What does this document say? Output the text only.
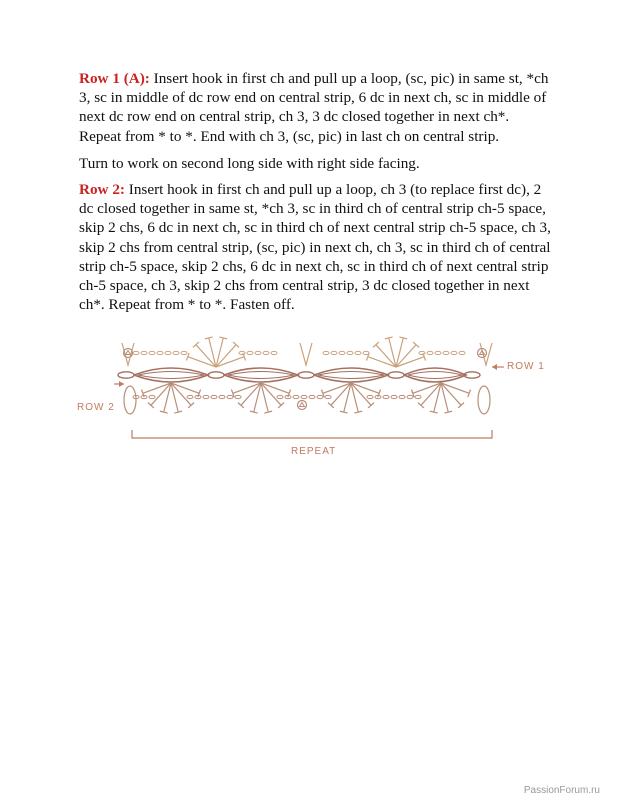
Row 1 (A): Insert hook in first ch and pull up a loop, (sc, pic) in same st, *ch 3, sc in middle of dc row end on central strip, 6 dc in next ch, sc in middle of next dc row end on central strip, ch 3, 3 dc closed together in next ch*. Repeat from * to *. End with ch 3, (sc, pic) in last ch on central strip.

Turn to work on second long side with right side facing.

Row 2: Insert hook in first ch and pull up a loop, ch 3 (to replace first dc), 2 dc closed together in same st, *ch 3, sc in third ch of central strip ch-5 space, skip 2 chs, 6 dc in next ch, sc in third ch of next central strip ch-5 space, ch 3, skip 2 chs from central strip, (sc, pic) in next ch, ch 3, sc in third ch of central strip ch-5 space, skip 2 chs, 6 dc in next ch, sc in third ch of next central strip ch-5 space, ch 3, skip 2 chs from central strip, 3 dc closed together in next ch*. Repeat from * to *. Fasten off.

ROW 1
ROW 2
REPEAT
PassionForum.ru
